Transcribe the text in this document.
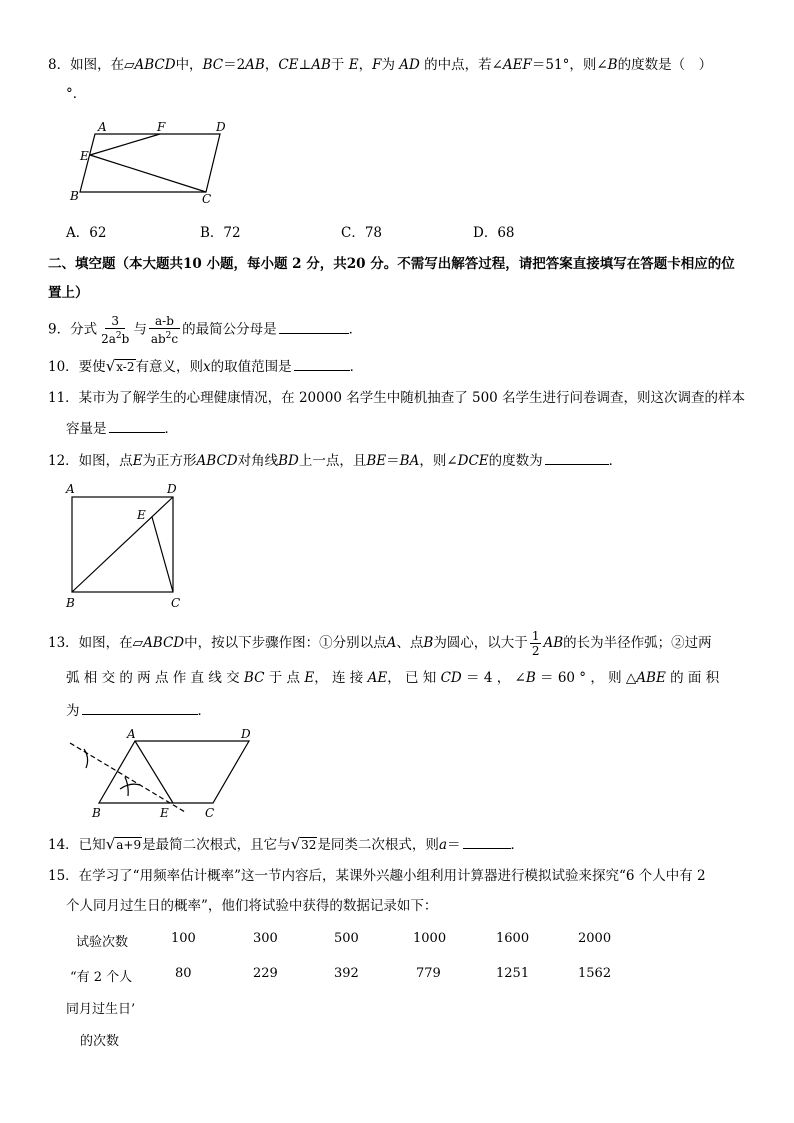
8．如图，在▱ABCD中，BC＝2AB，CE⊥AB于 E，F为 AD 的中点，若∠AEF＝51°，则∠B的度数是（　）
°．
A	F	D
E
B	C
A．62	B．72	C．78	D．68
二、填空题（本大题共10 小题，每小题 2 分，共20 分。不需写出解答过程，请把答案直接填写在答题卡相应的位
置上）
9．分式 $\frac{3}{2a^2b}$ 与 $\frac{a-b}{ab^2c}$ 的最简公分母是	．
10．要使√x-2有意义，则x的取值范围是	．
11．某市为了解学生的心理健康情况，在 20000 名学生中随机抽查了 500 名学生进行问卷调查，则这次调查的样本
容量是	．
12．如图，点E为正方形ABCD对角线BD上一点，且BE＝BA，则∠DCE的度数为	．
A	D
E
B	C
13．如图，在▱ABCD中，按以下步骤作图：①分别以点A、点B为圆心，以大于 $\frac{1}{2}$ AB的长为半径作弧；②过两
弧 相 交 的 两 点 作 直 线 交 BC 于 点 E， 连 接 AE， 已 知 CD ＝ 4 ， ∠B ＝ 60 ° ， 则 △ABE 的 面 积
为	．
A	D
B	E	C
14．已知√a+9是最简二次根式，且它与√32是同类二次根式，则a＝	．
15．在学习了“用频率估计概率”这一节内容后，某课外兴趣小组利用计算器进行模拟试验来探究“6 个人中有 2
个人同月过生日的概率”，他们将试验中获得的数据记录如下：
试验次数	100	300	500	1000	1600	2000
“有 2 个人
同月过生日’
的次数
80	229	392	779	1251	1562
